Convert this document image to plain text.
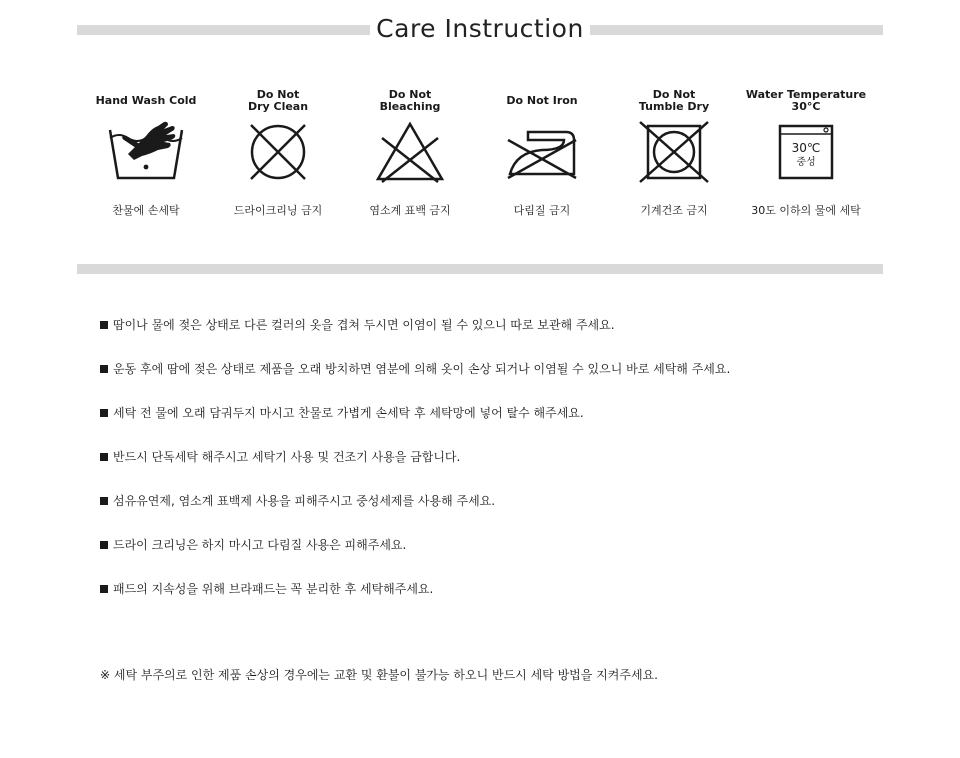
Care Instruction
Hand Wash Cold
찬물에 손세탁
Do Not
Dry Clean
드라이크리닝 금지
Do Not
Bleaching
염소계 표백 금지
Do Not Iron
다림질 금지
Do Not
Tumble Dry
기계건조 금지
Water Temperature
30°C
30℃
중성
30도 이하의 물에 세탁
땀이나 물에 젖은 상태로 다른 컬러의 옷을 겹쳐 두시면 이염이 될 수 있으니 따로 보관해 주세요.
운동 후에 땀에 젖은 상태로 제품을 오래 방치하면 염분에 의해 옷이 손상 되거나 이염될 수 있으니 바로 세탁해 주세요.
세탁 전 물에 오래 담궈두지 마시고 찬물로 가볍게 손세탁 후 세탁망에 넣어 탈수 해주세요.
반드시 단독세탁 해주시고 세탁기 사용 및 건조기 사용을 금합니다.
섬유유연제, 염소계 표백제 사용을 피해주시고 중성세제를 사용해 주세요.
드라이 크리닝은 하지 마시고 다림질 사용은 피해주세요.
패드의 지속성을 위해 브라패드는 꼭 분리한 후 세탁해주세요.
※ 세탁 부주의로 인한 제품 손상의 경우에는 교환 및 환불이 불가능 하오니 반드시 세탁 방법을 지켜주세요.
